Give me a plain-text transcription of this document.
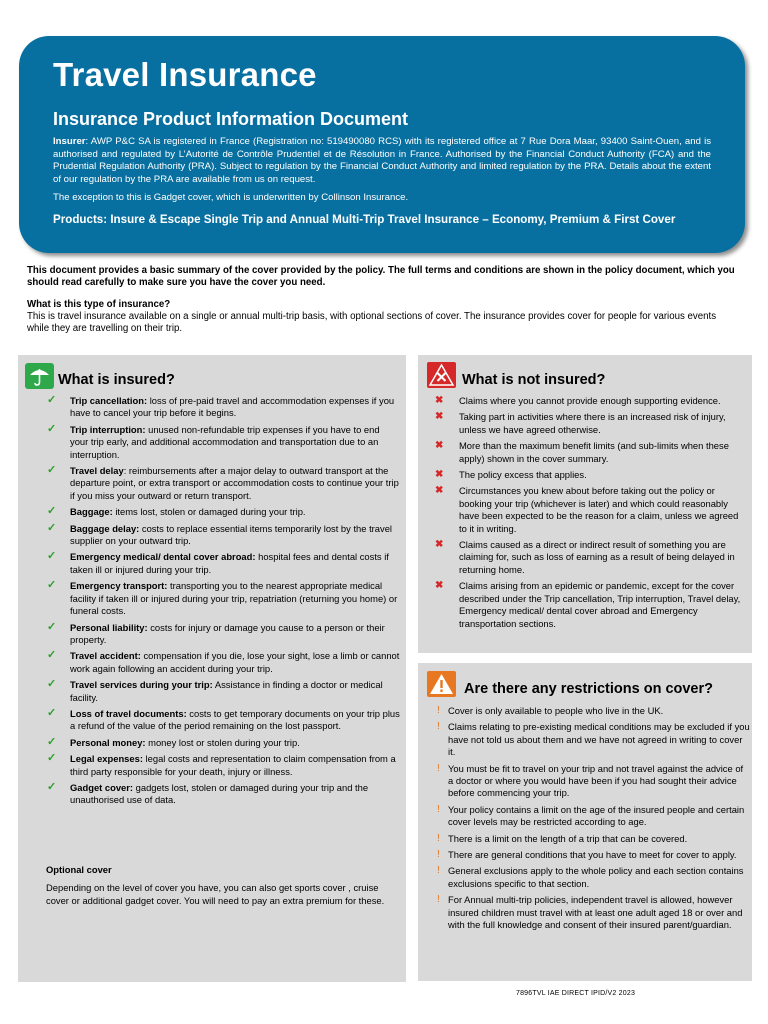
Travel Insurance
Insurance Product Information Document

Insurer: AWP P&C SA is registered in France (Registration no: 519490080 RCS) with its registered office at 7 Rue Dora Maar, 93400 Saint-Ouen, and is authorised and regulated by L’Autorité de Contrôle Prudentiel et de Résolution in France. Authorised by the Financial Conduct Authority (FCA) and the Prudential Regulation Authority (PRA). Subject to regulation by the Financial Conduct Authority and limited regulation by the PRA. Details about the extent of our regulation by the PRA are available from us on request.

The exception to this is Gadget cover, which is underwritten by Collinson Insurance.

Products: Insure & Escape Single Trip and Annual Multi-Trip Travel Insurance – Economy, Premium & First Cover
This document provides a basic summary of the cover provided by the policy. The full terms and conditions are shown in the policy document, which you should read carefully to make sure you have the cover you need.
What is this type of insurance?
This is travel insurance available on a single or annual multi-trip basis, with optional sections of cover. The insurance provides cover for people for various events while they are travelling on their trip.
What is insured?
✓ Trip cancellation: loss of pre-paid travel and accommodation expenses if you have to cancel your trip before it begins.
✓ Trip interruption: unused non-refundable trip expenses if you have to end your trip early, and additional accommodation and transportation due to an interruption.
✓ Travel delay: reimbursements after a major delay to outward transport at the departure point, or extra transport or accommodation costs to continue your trip if you miss your outward or return transport.
✓ Baggage: items lost, stolen or damaged during your trip.
✓ Baggage delay: costs to replace essential items temporarily lost by the travel supplier on your outward trip.
✓ Emergency medical/ dental cover abroad: hospital fees and dental costs if taken ill or injured during your trip.
✓ Emergency transport: transporting you to the nearest appropriate medical facility if taken ill or injured during your trip, repatriation (returning you home) or funeral costs.
✓ Personal liability: costs for injury or damage you cause to a person or their property.
✓ Travel accident: compensation if you die, lose your sight, lose a limb or cannot work again following an accident during your trip.
✓ Travel services during your trip: Assistance in finding a doctor or medical facility.
✓ Loss of travel documents: costs to get temporary documents on your trip plus a refund of the value of the period remaining on the lost passport.
✓ Personal money: money lost or stolen during your trip.
✓ Legal expenses: legal costs and representation to claim compensation from a third party responsible for your death, injury or illness.
✓ Gadget cover: gadgets lost, stolen or damaged during your trip and the unauthorised use of data.
Optional cover
Depending on the level of cover you have, you can also get sports cover , cruise cover or additional gadget cover. You will need to pay an extra premium for these.
What is not insured?
✖ Claims where you cannot provide enough supporting evidence.
✖ Taking part in activities where there is an increased risk of injury, unless we have agreed otherwise.
✖ More than the maximum benefit limits (and sub-limits when these apply) shown in the cover summary.
✖ The policy excess that applies.
✖ Circumstances you knew about before taking out the policy or booking your trip (whichever is later) and which could reasonably have been expected to be the reason for a claim, unless we agreed to it in writing.
✖ Claims caused as a direct or indirect result of something you are claiming for, such as loss of earning as a result of being delayed in returning home.
✖ Claims arising from an epidemic or pandemic, except for the cover described under the Trip cancellation, Trip interruption, Travel delay, Emergency medical/ dental cover abroad and Emergency transportation sections.
Are there any restrictions on cover?
! Cover is only available to people who live in the UK.
! Claims relating to pre-existing medical conditions may be excluded if you have not told us about them and we have not agreed in writing to cover it.
! You must be fit to travel on your trip and not travel against the advice of a doctor or where you would have been if you had sought their advice before commencing your trip.
! Your policy contains a limit on the age of the insured people and certain cover levels may be restricted according to age.
! There is a limit on the length of a trip that can be covered.
! There are general conditions that you have to meet for cover to apply.
! General exclusions apply to the whole policy and each section contains exclusions specific to that section.
! For Annual multi-trip policies, independent travel is allowed, however insured children must travel with at least one adult aged 18 or over and with the full knowledge and consent of their insured parent/guardian.
7896TVL IAE DIRECT IPID/V2 2023
